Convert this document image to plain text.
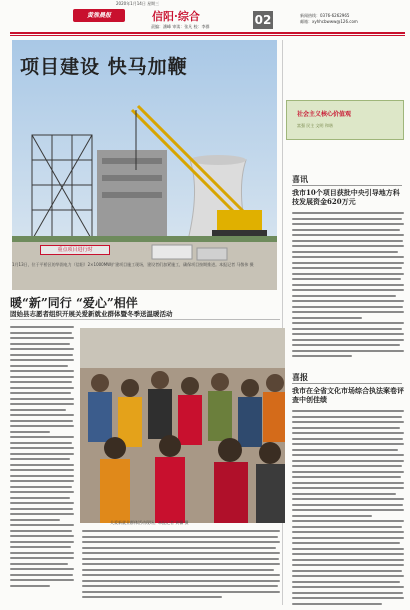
2020年1月14日 星期三
黄淮晨报	信阳·综合
责编：潘峰 审读：张凡 校：李群	02	新闻热线：0376-6262965
邮箱：xyhhcbwww@126.com
项目建设 快马加鞭
重点项目进行时
1月13日，位于平桥区的华润电力（信阳）2×1000MW扩建项目施工现场，建设者们加紧施工，确保项目按期推进。本报记者 马敬伟 摄
社会主义核心价值观
富强 民主 文明 和谐
喜讯
我市10个项目获批中央引导地方科技发展资金620万元
喜报
我市在全省文化市场综合执法案卷评查中创佳绩
暖“新”同行 “爱心”相伴
固始县志愿者组织开展关爱新就业群体暨冬季送温暖活动
关爱新就业群体活动现场。本报记者 黄馨 摄
